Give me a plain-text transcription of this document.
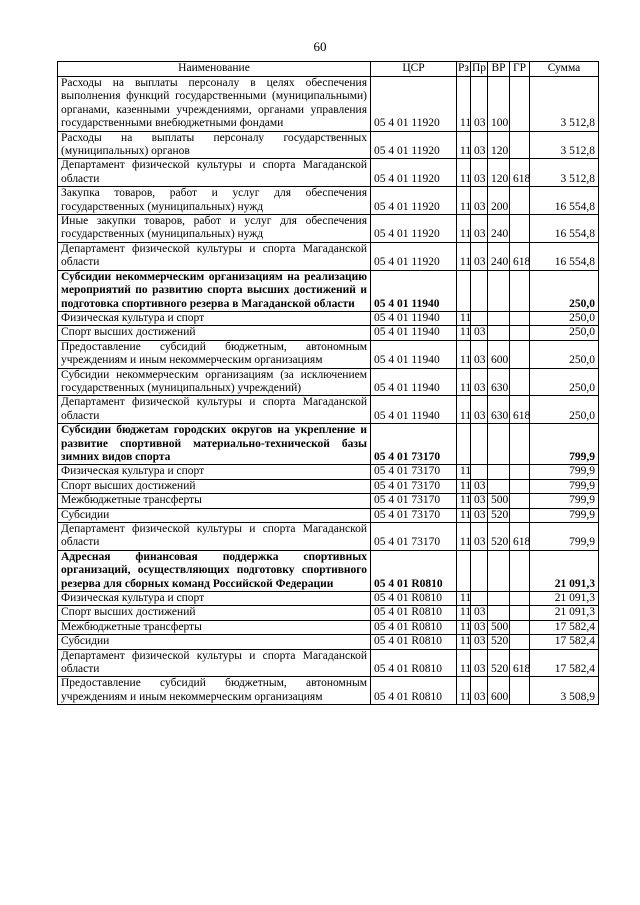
60
Наименование	ЦСР	Рз	Пр	ВР	ГР	Сумма
Расходы на выплаты персоналу в целях обеспечения выполнения функций государственными (муниципальными) органами, казенными учреждениями, органами управления государственными внебюджетными фондами	05 4 01 11920	11	03	100		3 512,8
Расходы на выплаты персоналу государственных (муниципальных) органов	05 4 01 11920	11	03	120		3 512,8
Департамент физической культуры и спорта Магаданской области	05 4 01 11920	11	03	120	618	3 512,8
Закупка товаров, работ и услуг для обеспечения государственных (муниципальных) нужд	05 4 01 11920	11	03	200		16 554,8
Иные закупки товаров, работ и услуг для обеспечения государственных (муниципальных) нужд	05 4 01 11920	11	03	240		16 554,8
Департамент физической культуры и спорта Магаданской области	05 4 01 11920	11	03	240	618	16 554,8
Субсидии некоммерческим организациям на реализацию мероприятий по развитию спорта высших достижений и подготовка спортивного резерва в Магаданской области	05 4 01 11940					250,0
Физическая культура и спорт	05 4 01 11940	11				250,0
Спорт высших достижений	05 4 01 11940	11	03			250,0
Предоставление субсидий бюджетным, автономным учреждениям и иным некоммерческим организациям	05 4 01 11940	11	03	600		250,0
Субсидии некоммерческим организациям (за исключением государственных (муниципальных) учреждений)	05 4 01 11940	11	03	630		250,0
Департамент физической культуры и спорта Магаданской области	05 4 01 11940	11	03	630	618	250,0
Субсидии бюджетам городских округов на укрепление и развитие спортивной материально-технической базы зимних видов спорта	05 4 01 73170					799,9
Физическая культура и спорт	05 4 01 73170	11				799,9
Спорт высших достижений	05 4 01 73170	11	03			799,9
Межбюджетные трансферты	05 4 01 73170	11	03	500		799,9
Субсидии	05 4 01 73170	11	03	520		799,9
Департамент физической культуры и спорта Магаданской области	05 4 01 73170	11	03	520	618	799,9
Адресная финансовая поддержка спортивных организаций, осуществляющих подготовку спортивного резерва для сборных команд Российской Федерации	05 4 01 R0810					21 091,3
Физическая культура и спорт	05 4 01 R0810	11				21 091,3
Спорт высших достижений	05 4 01 R0810	11	03			21 091,3
Межбюджетные трансферты	05 4 01 R0810	11	03	500		17 582,4
Субсидии	05 4 01 R0810	11	03	520		17 582,4
Департамент физической культуры и спорта Магаданской области	05 4 01 R0810	11	03	520	618	17 582,4
Предоставление субсидий бюджетным, автономным учреждениям и иным некоммерческим организациям	05 4 01 R0810	11	03	600		3 508,9
